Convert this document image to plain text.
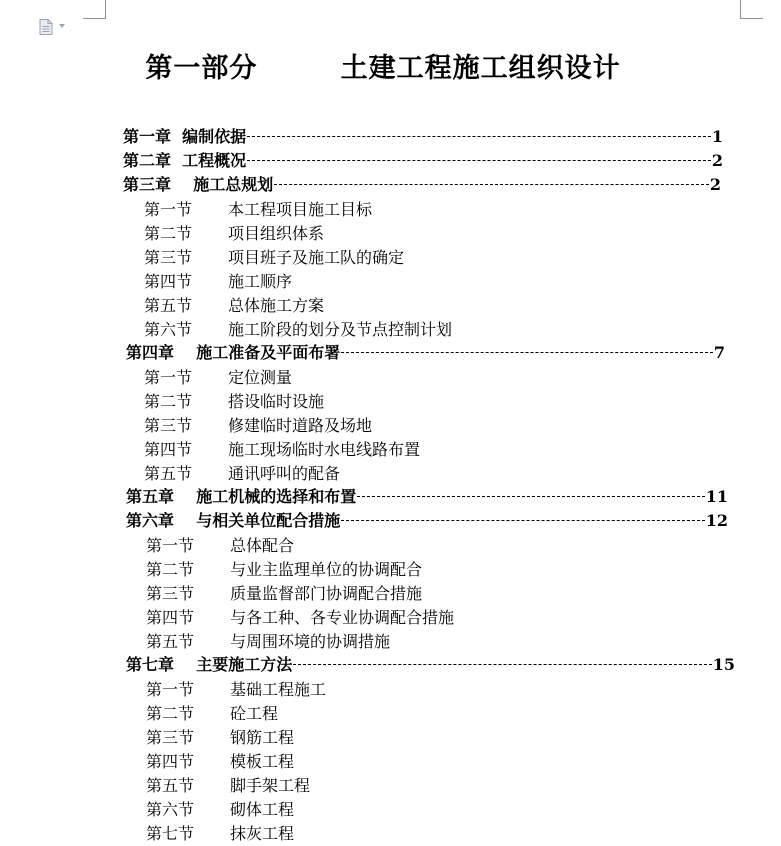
第一部分        土建工程施工组织设计
第一章  编制依据	1
第二章  工程概况	2
第三章    施工总规划	2
第一节 本工程项目施工目标
第二节 项目组织体系
第三节 项目班子及施工队的确定
第四节 施工顺序
第五节 总体施工方案
第六节 施工阶段的划分及节点控制计划
第四章    施工准备及平面布署	7
第一节 定位测量
第二节 搭设临时设施
第三节 修建临时道路及场地
第四节 施工现场临时水电线路布置
第五节 通讯呼叫的配备
第五章    施工机械的选择和布置	11
第六章    与相关单位配合措施	12
第一节 总体配合
第二节 与业主监理单位的协调配合
第三节 质量监督部门协调配合措施
第四节 与各工种、各专业协调配合措施
第五节 与周围环境的协调措施
第七章    主要施工方法	15
第一节 基础工程施工
第二节 砼工程
第三节 钢筋工程
第四节 模板工程
第五节 脚手架工程
第六节 砌体工程
第七节 抹灰工程
